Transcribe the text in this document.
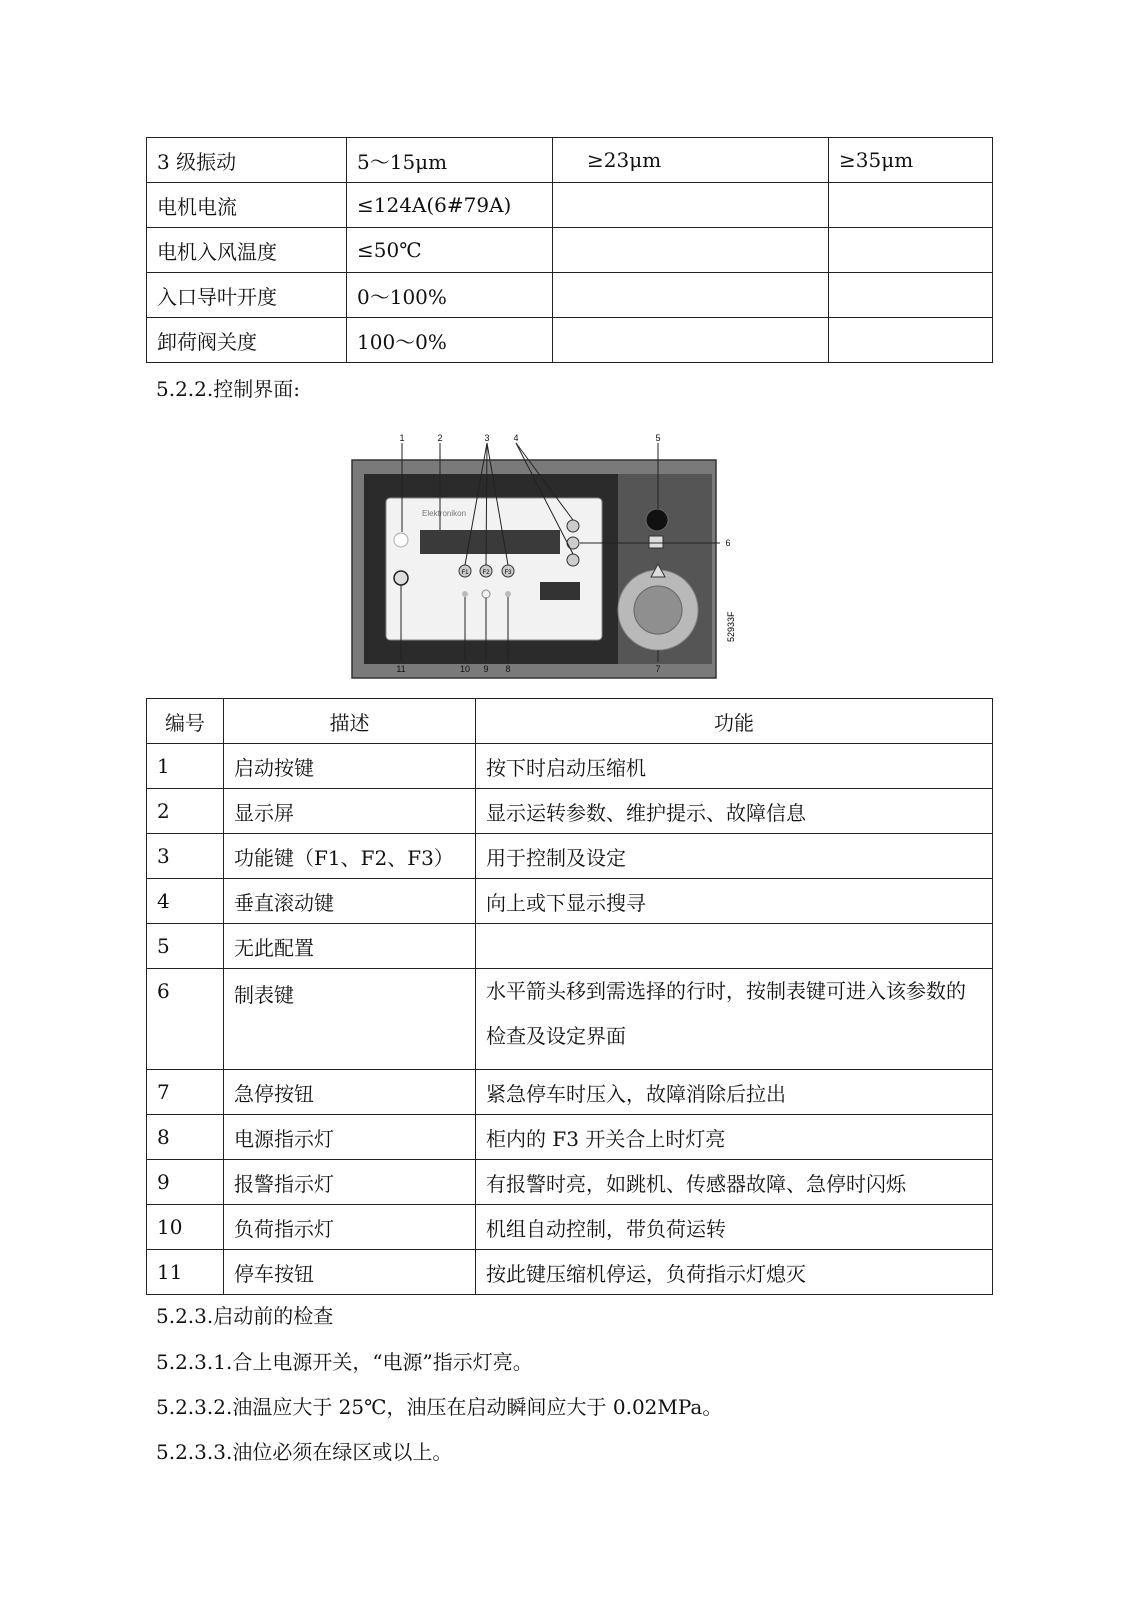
3 级振动	5～15μm	≥23μm	≥35μm
电机电流	≤124A(6#79A)		
电机入风温度	≤50℃		
入口导叶开度	0～100%		
卸荷阀关度	100～0%		
5.2.2.控制界面:
Elektronikon
F1 F2 F3
1	2	3	4	5
6
7
8
9
10
11
52933F
编号	描述	功能
1	启动按键	按下时启动压缩机
2	显示屏	显示运转参数、维护提示、故障信息
3	功能键（F1、F2、F3）	用于控制及设定
4	垂直滚动键	向上或下显示搜寻
5	无此配置	
6	制表键	水平箭头移到需选择的行时，按制表键可进入该参数的检查及设定界面
7	急停按钮	紧急停车时压入，故障消除后拉出
8	电源指示灯	柜内的 F3 开关合上时灯亮
9	报警指示灯	有报警时亮，如跳机、传感器故障、急停时闪烁
10	负荷指示灯	机组自动控制，带负荷运转
11	停车按钮	按此键压缩机停运，负荷指示灯熄灭
5.2.3.启动前的检查
5.2.3.1.合上电源开关，“电源”指示灯亮。
5.2.3.2.油温应大于 25℃，油压在启动瞬间应大于 0.02MPa。
5.2.3.3.油位必须在绿区或以上。
